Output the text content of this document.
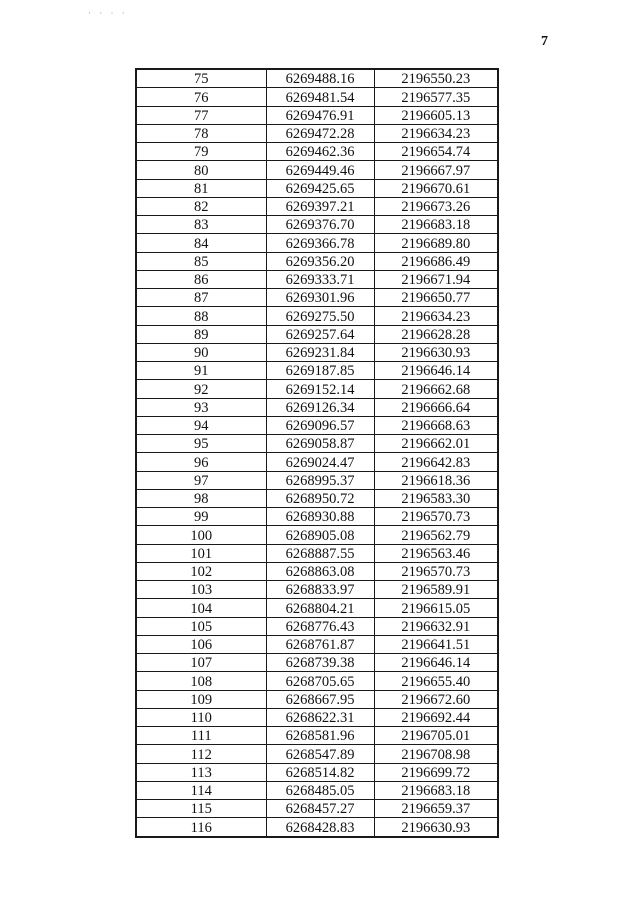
· · · ·
7
75	6269488.16	2196550.23
76	6269481.54	2196577.35
77	6269476.91	2196605.13
78	6269472.28	2196634.23
79	6269462.36	2196654.74
80	6269449.46	2196667.97
81	6269425.65	2196670.61
82	6269397.21	2196673.26
83	6269376.70	2196683.18
84	6269366.78	2196689.80
85	6269356.20	2196686.49
86	6269333.71	2196671.94
87	6269301.96	2196650.77
88	6269275.50	2196634.23
89	6269257.64	2196628.28
90	6269231.84	2196630.93
91	6269187.85	2196646.14
92	6269152.14	2196662.68
93	6269126.34	2196666.64
94	6269096.57	2196668.63
95	6269058.87	2196662.01
96	6269024.47	2196642.83
97	6268995.37	2196618.36
98	6268950.72	2196583.30
99	6268930.88	2196570.73
100	6268905.08	2196562.79
101	6268887.55	2196563.46
102	6268863.08	2196570.73
103	6268833.97	2196589.91
104	6268804.21	2196615.05
105	6268776.43	2196632.91
106	6268761.87	2196641.51
107	6268739.38	2196646.14
108	6268705.65	2196655.40
109	6268667.95	2196672.60
110	6268622.31	2196692.44
111	6268581.96	2196705.01
112	6268547.89	2196708.98
113	6268514.82	2196699.72
114	6268485.05	2196683.18
115	6268457.27	2196659.37
116	6268428.83	2196630.93
